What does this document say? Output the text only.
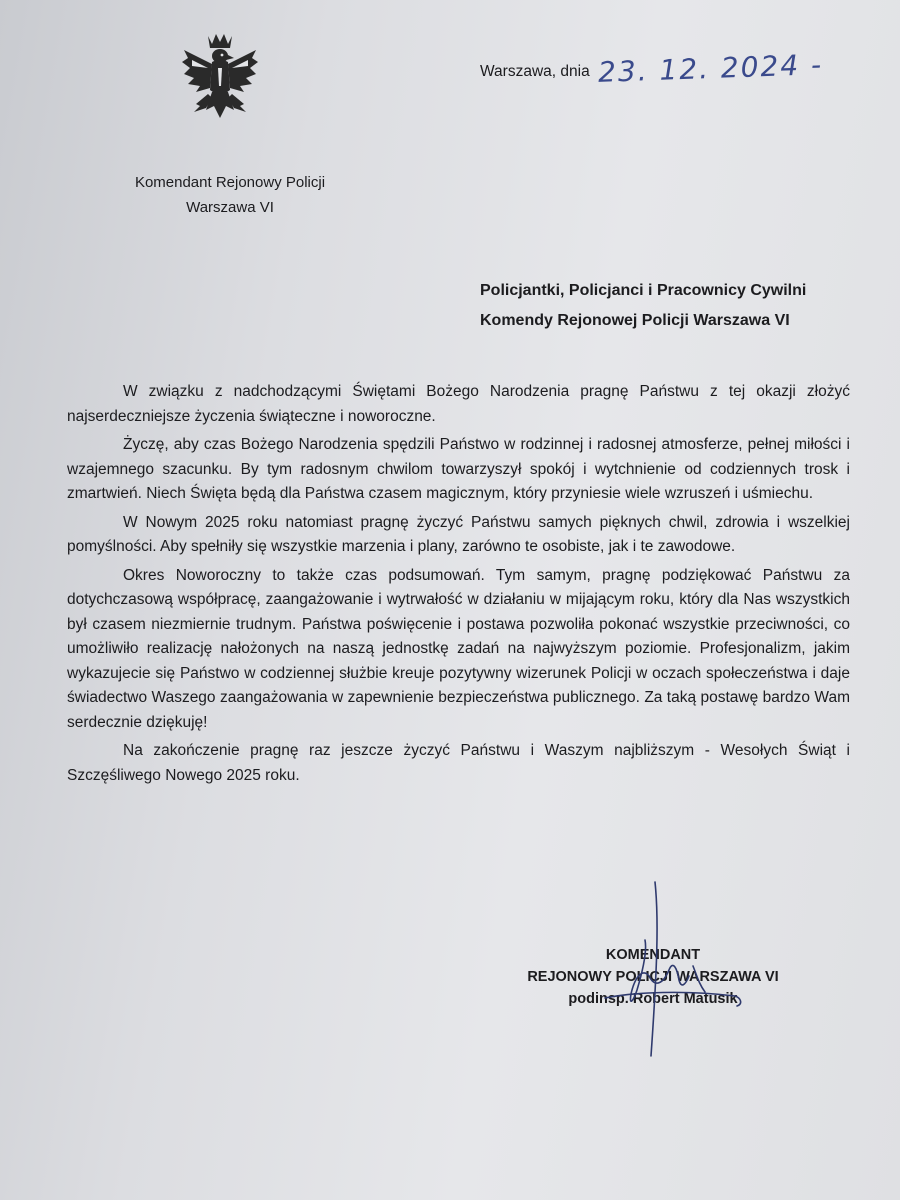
Komendant Rejonowy Policji
Warszawa VI
Warszawa, dnia 23. 12. 2024 -
Policjantki, Policjanci i Pracownicy Cywilni
Komendy Rejonowej Policji Warszawa VI

W związku z nadchodzącymi Świętami Bożego Narodzenia pragnę Państwu z tej okazji złożyć najserdeczniejsze życzenia świąteczne i noworoczne.

Życzę, aby czas Bożego Narodzenia spędzili Państwo w rodzinnej i radosnej atmosferze, pełnej miłości i wzajemnego szacunku. By tym radosnym chwilom towarzyszył spokój i wytchnienie od codziennych trosk i zmartwień. Niech Święta będą dla Państwa czasem magicznym, który przyniesie wiele wzruszeń i uśmiechu.

W Nowym 2025 roku natomiast pragnę życzyć Państwu samych pięknych chwil, zdrowia i wszelkiej pomyślności. Aby spełniły się wszystkie marzenia i plany, zarówno te osobiste, jak i te zawodowe.

Okres Noworoczny to także czas podsumowań. Tym samym, pragnę podziękować Państwu za dotychczasową współpracę, zaangażowanie i wytrwałość w działaniu w mijającym roku, który dla Nas wszystkich był czasem niezmiernie trudnym. Państwa poświęcenie i postawa pozwoliła pokonać wszystkie przeciwności, co umożliwiło realizację nałożonych na naszą jednostkę zadań na najwyższym poziomie. Profesjonalizm, jakim wykazujecie się Państwo w codziennej służbie kreuje pozytywny wizerunek Policji w oczach społeczeństwa i daje świadectwo Waszego zaangażowania w zapewnienie bezpieczeństwa publicznego. Za taką postawę bardzo Wam serdecznie dziękuję!

Na zakończenie pragnę raz jeszcze życzyć Państwu i Waszym najbliższym - Wesołych Świąt i Szczęśliwego Nowego 2025 roku.

KOMENDANT
REJONOWY POLICJI WARSZAWA VI
podinsp. Robert Matusik
